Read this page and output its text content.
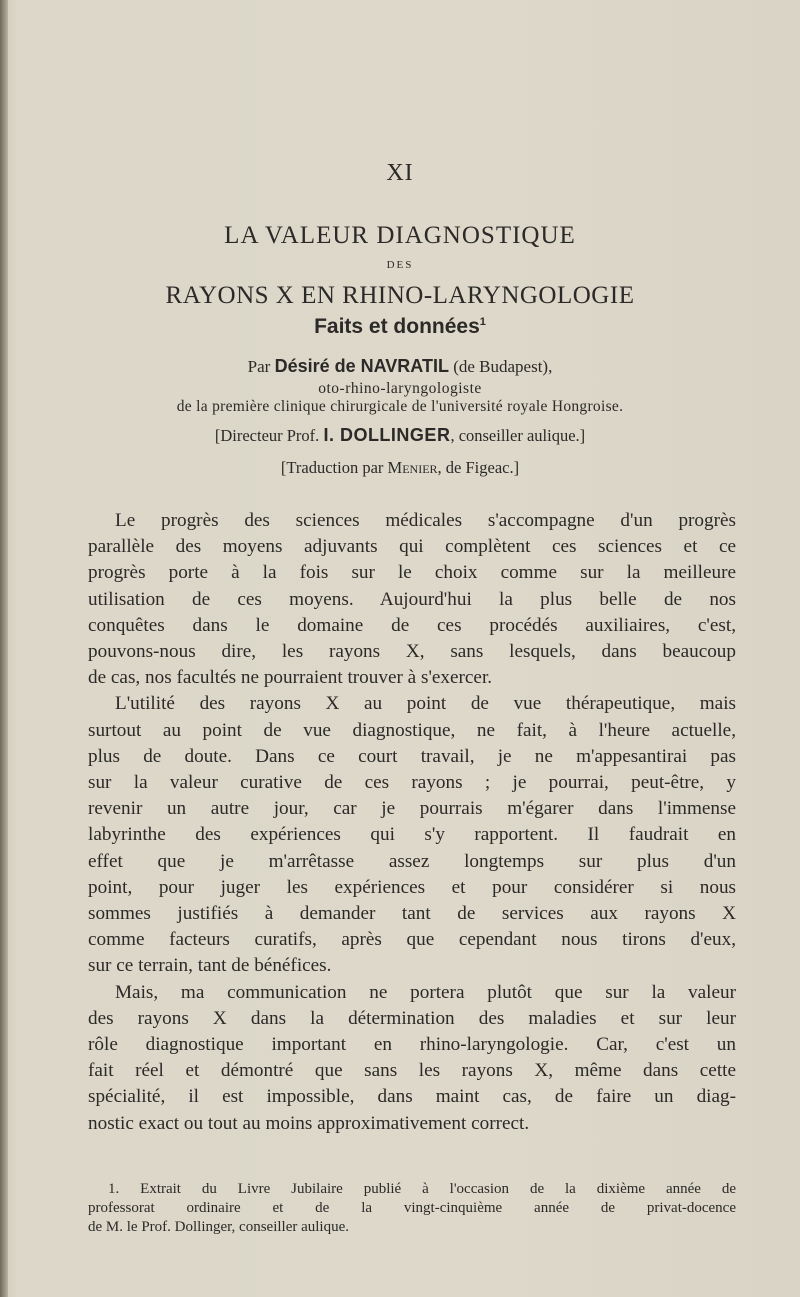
XI
LA VALEUR DIAGNOSTIQUE
DES
RAYONS X EN RHINO-LARYNGOLOGIE
Faits et données$^1$
Par Désiré de NAVRATIL (de Budapest),
oto-rhino-laryngologiste
de la première clinique chirurgicale de l'université royale Hongroise.
[Directeur Prof. I. DOLLINGER, conseiller aulique.]
[Traduction par Menier, de Figeac.]
Le progrès des sciences médicales s'accompagne d'un progrès
parallèle des moyens adjuvants qui complètent ces sciences et ce
progrès porte à la fois sur le choix comme sur la meilleure
utilisation de ces moyens. Aujourd'hui la plus belle de nos
conquêtes dans le domaine de ces procédés auxiliaires, c'est,
pouvons-nous dire, les rayons X, sans lesquels, dans beaucoup
de cas, nos facultés ne pourraient trouver à s'exercer.
L'utilité des rayons X au point de vue thérapeutique, mais
surtout au point de vue diagnostique, ne fait, à l'heure actuelle,
plus de doute. Dans ce court travail, je ne m'appesantirai pas
sur la valeur curative de ces rayons ; je pourrai, peut-être, y
revenir un autre jour, car je pourrais m'égarer dans l'immense
labyrinthe des expériences qui s'y rapportent. Il faudrait en
effet que je m'arrêtasse assez longtemps sur plus d'un
point, pour juger les expériences et pour considérer si nous
sommes justifiés à demander tant de services aux rayons X
comme facteurs curatifs, après que cependant nous tirons d'eux,
sur ce terrain, tant de bénéfices.
Mais, ma communication ne portera plutôt que sur la valeur
des rayons X dans la détermination des maladies et sur leur
rôle diagnostique important en rhino-laryngologie. Car, c'est un
fait réel et démontré que sans les rayons X, même dans cette
spécialité, il est impossible, dans maint cas, de faire un diag-
nostic exact ou tout au moins approximativement correct.
1. Extrait du Livre Jubilaire publié à l'occasion de la dixième année de
professorat ordinaire et de la vingt-cinquième année de privat-docence
de M. le Prof. Dollinger, conseiller aulique.
